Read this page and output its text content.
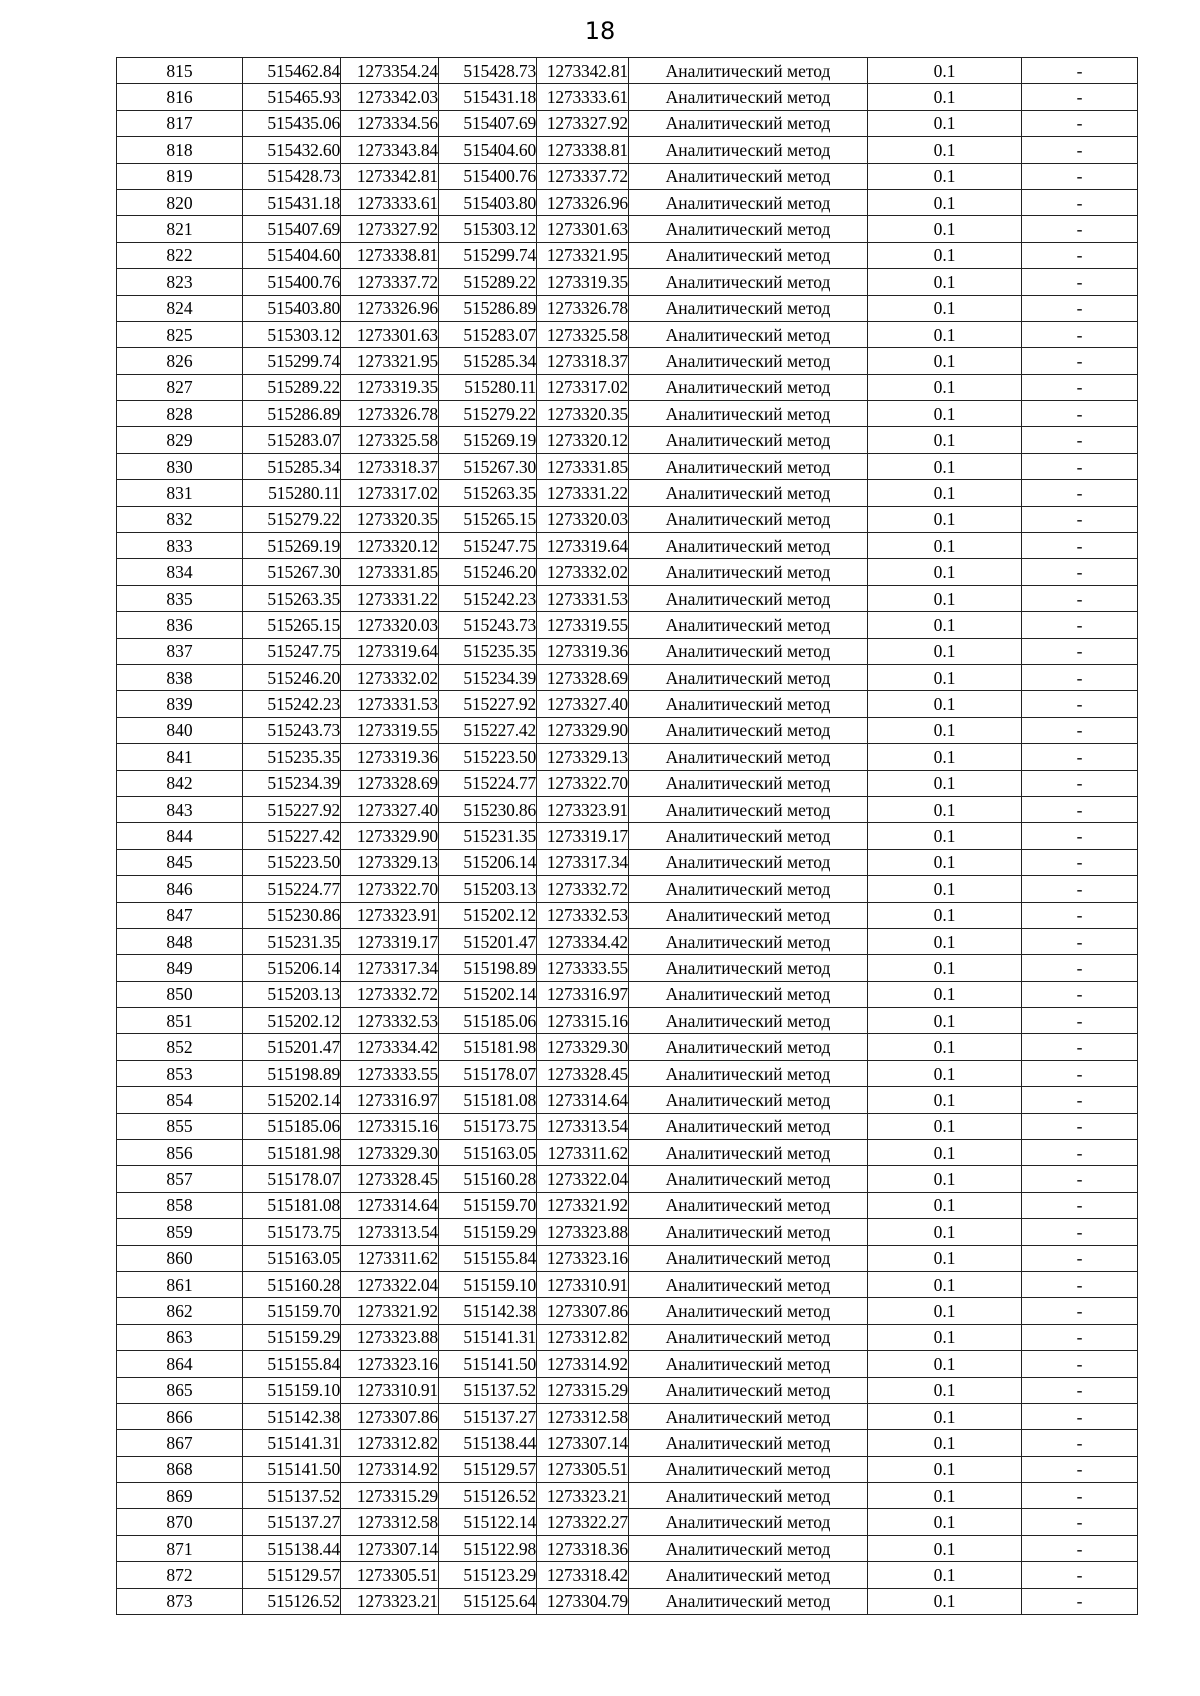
18
815	515462.84	1273354.24	515428.73	1273342.81	Аналитический метод	0.1	-
816	515465.93	1273342.03	515431.18	1273333.61	Аналитический метод	0.1	-
817	515435.06	1273334.56	515407.69	1273327.92	Аналитический метод	0.1	-
818	515432.60	1273343.84	515404.60	1273338.81	Аналитический метод	0.1	-
819	515428.73	1273342.81	515400.76	1273337.72	Аналитический метод	0.1	-
820	515431.18	1273333.61	515403.80	1273326.96	Аналитический метод	0.1	-
821	515407.69	1273327.92	515303.12	1273301.63	Аналитический метод	0.1	-
822	515404.60	1273338.81	515299.74	1273321.95	Аналитический метод	0.1	-
823	515400.76	1273337.72	515289.22	1273319.35	Аналитический метод	0.1	-
824	515403.80	1273326.96	515286.89	1273326.78	Аналитический метод	0.1	-
825	515303.12	1273301.63	515283.07	1273325.58	Аналитический метод	0.1	-
826	515299.74	1273321.95	515285.34	1273318.37	Аналитический метод	0.1	-
827	515289.22	1273319.35	515280.11	1273317.02	Аналитический метод	0.1	-
828	515286.89	1273326.78	515279.22	1273320.35	Аналитический метод	0.1	-
829	515283.07	1273325.58	515269.19	1273320.12	Аналитический метод	0.1	-
830	515285.34	1273318.37	515267.30	1273331.85	Аналитический метод	0.1	-
831	515280.11	1273317.02	515263.35	1273331.22	Аналитический метод	0.1	-
832	515279.22	1273320.35	515265.15	1273320.03	Аналитический метод	0.1	-
833	515269.19	1273320.12	515247.75	1273319.64	Аналитический метод	0.1	-
834	515267.30	1273331.85	515246.20	1273332.02	Аналитический метод	0.1	-
835	515263.35	1273331.22	515242.23	1273331.53	Аналитический метод	0.1	-
836	515265.15	1273320.03	515243.73	1273319.55	Аналитический метод	0.1	-
837	515247.75	1273319.64	515235.35	1273319.36	Аналитический метод	0.1	-
838	515246.20	1273332.02	515234.39	1273328.69	Аналитический метод	0.1	-
839	515242.23	1273331.53	515227.92	1273327.40	Аналитический метод	0.1	-
840	515243.73	1273319.55	515227.42	1273329.90	Аналитический метод	0.1	-
841	515235.35	1273319.36	515223.50	1273329.13	Аналитический метод	0.1	-
842	515234.39	1273328.69	515224.77	1273322.70	Аналитический метод	0.1	-
843	515227.92	1273327.40	515230.86	1273323.91	Аналитический метод	0.1	-
844	515227.42	1273329.90	515231.35	1273319.17	Аналитический метод	0.1	-
845	515223.50	1273329.13	515206.14	1273317.34	Аналитический метод	0.1	-
846	515224.77	1273322.70	515203.13	1273332.72	Аналитический метод	0.1	-
847	515230.86	1273323.91	515202.12	1273332.53	Аналитический метод	0.1	-
848	515231.35	1273319.17	515201.47	1273334.42	Аналитический метод	0.1	-
849	515206.14	1273317.34	515198.89	1273333.55	Аналитический метод	0.1	-
850	515203.13	1273332.72	515202.14	1273316.97	Аналитический метод	0.1	-
851	515202.12	1273332.53	515185.06	1273315.16	Аналитический метод	0.1	-
852	515201.47	1273334.42	515181.98	1273329.30	Аналитический метод	0.1	-
853	515198.89	1273333.55	515178.07	1273328.45	Аналитический метод	0.1	-
854	515202.14	1273316.97	515181.08	1273314.64	Аналитический метод	0.1	-
855	515185.06	1273315.16	515173.75	1273313.54	Аналитический метод	0.1	-
856	515181.98	1273329.30	515163.05	1273311.62	Аналитический метод	0.1	-
857	515178.07	1273328.45	515160.28	1273322.04	Аналитический метод	0.1	-
858	515181.08	1273314.64	515159.70	1273321.92	Аналитический метод	0.1	-
859	515173.75	1273313.54	515159.29	1273323.88	Аналитический метод	0.1	-
860	515163.05	1273311.62	515155.84	1273323.16	Аналитический метод	0.1	-
861	515160.28	1273322.04	515159.10	1273310.91	Аналитический метод	0.1	-
862	515159.70	1273321.92	515142.38	1273307.86	Аналитический метод	0.1	-
863	515159.29	1273323.88	515141.31	1273312.82	Аналитический метод	0.1	-
864	515155.84	1273323.16	515141.50	1273314.92	Аналитический метод	0.1	-
865	515159.10	1273310.91	515137.52	1273315.29	Аналитический метод	0.1	-
866	515142.38	1273307.86	515137.27	1273312.58	Аналитический метод	0.1	-
867	515141.31	1273312.82	515138.44	1273307.14	Аналитический метод	0.1	-
868	515141.50	1273314.92	515129.57	1273305.51	Аналитический метод	0.1	-
869	515137.52	1273315.29	515126.52	1273323.21	Аналитический метод	0.1	-
870	515137.27	1273312.58	515122.14	1273322.27	Аналитический метод	0.1	-
871	515138.44	1273307.14	515122.98	1273318.36	Аналитический метод	0.1	-
872	515129.57	1273305.51	515123.29	1273318.42	Аналитический метод	0.1	-
873	515126.52	1273323.21	515125.64	1273304.79	Аналитический метод	0.1	-
